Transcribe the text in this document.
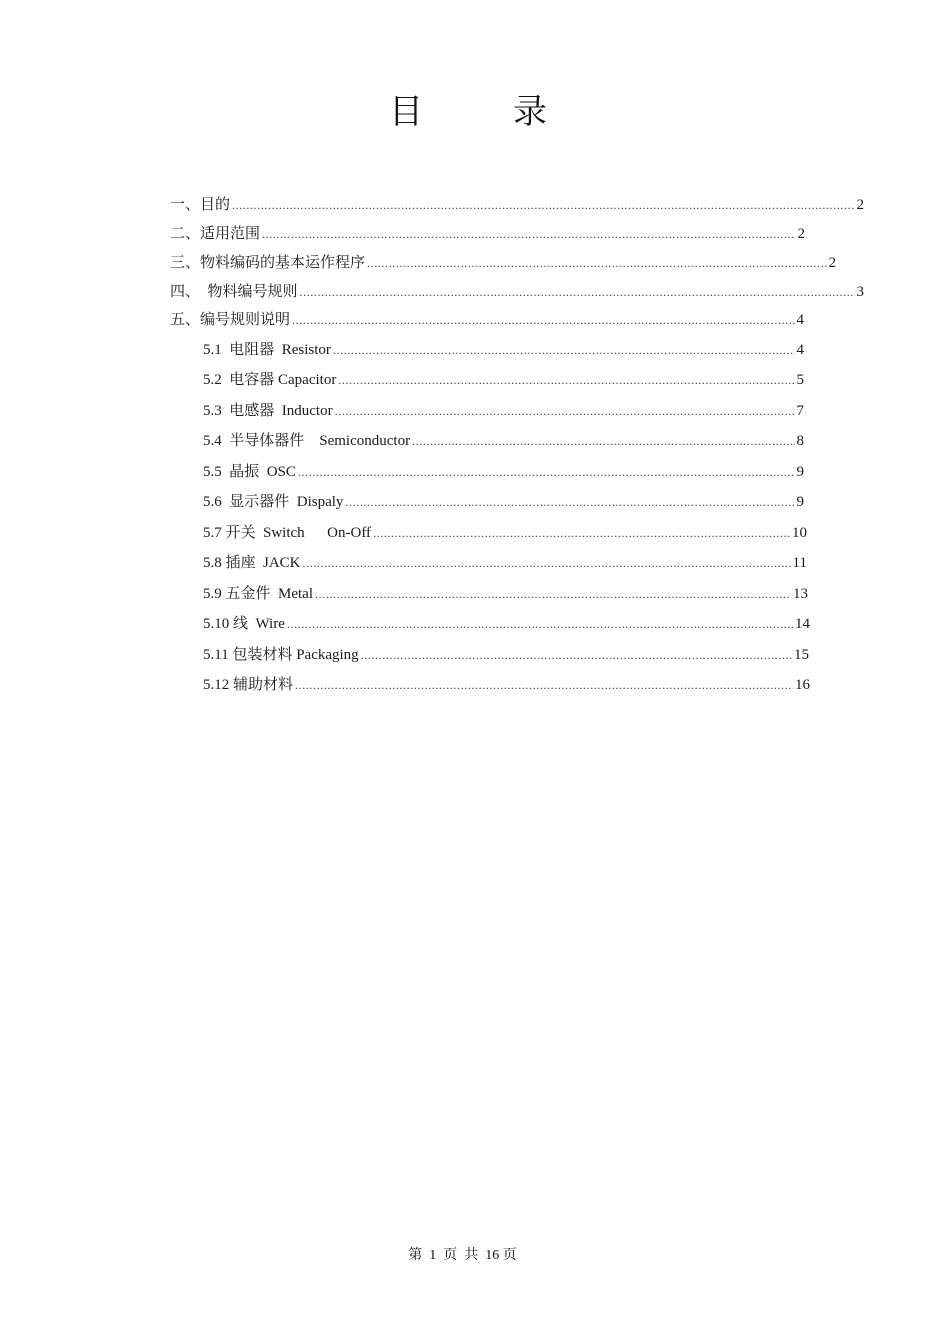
目　录
一、目的 .....	2
二、适用范围 .....	2
三、物料编码的基本运作程序 .....	2
四、  物料编号规则 .....	3
五、编号规则说明 .....	4
5.1  电阻器  Resistor .....	4
5.2  电容器 Capacitor .....	5
5.3  电感器  Inductor .....	7
5.4  半导体器件    Semiconductor .....	8
5.5  晶振  OSC .....	9
5.6  显示器件  Dispaly .....	9
5.7 开关  Switch      On-Off .....	10
5.8 插座  JACK .....	11
5.9 五金件  Metal .....	13
5.10 线  Wire .....	14
5.11 包装材料 Packaging .....	15
5.12 辅助材料 .....	16
第  1  页  共  16 页
